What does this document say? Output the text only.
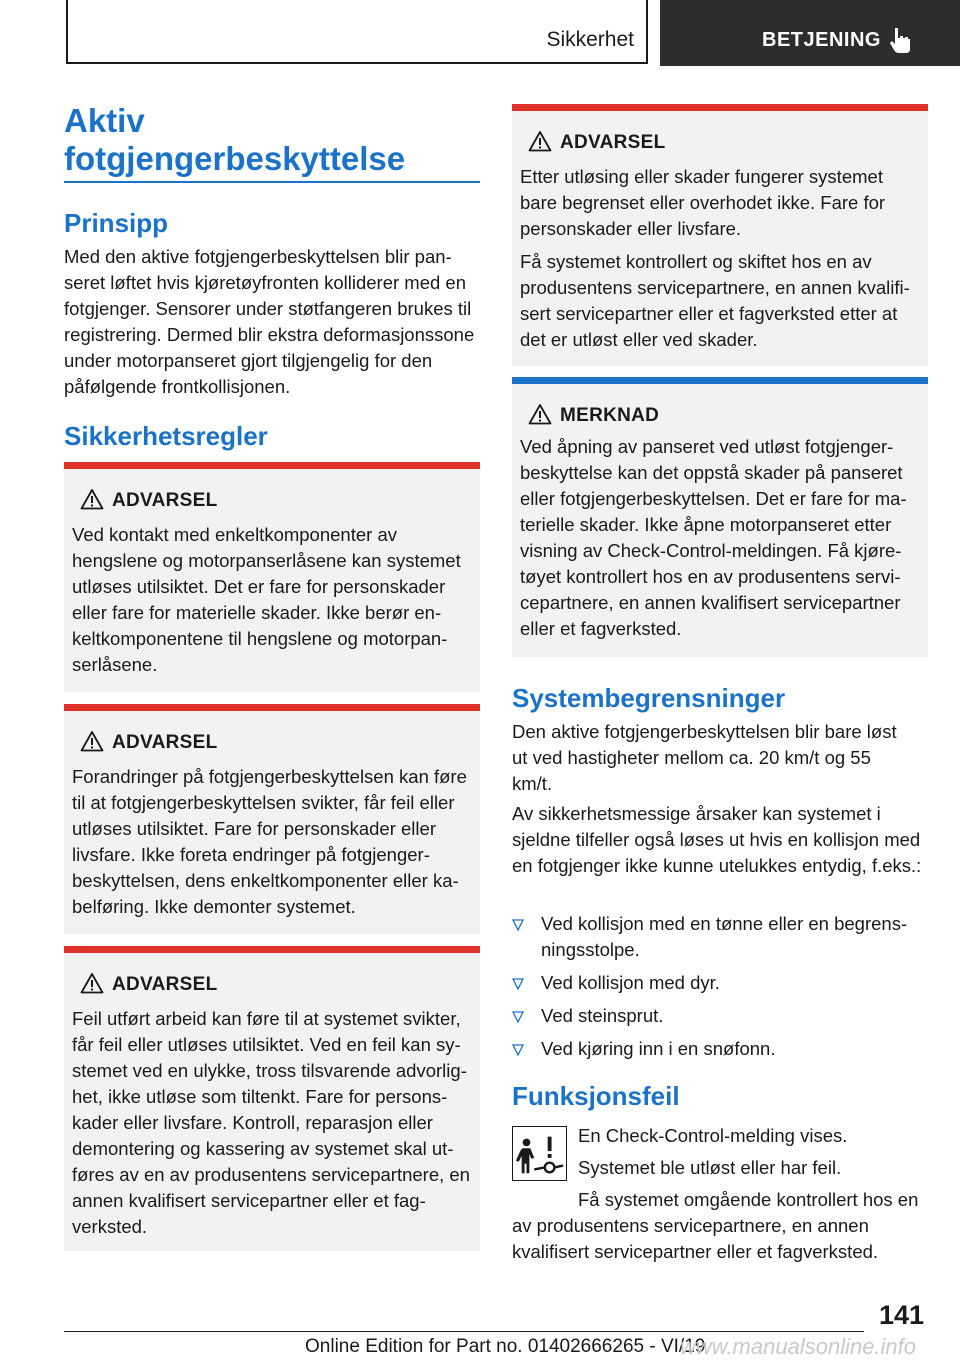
Sikkerhet	BETJENING
Aktiv
fotgjengerbeskyttelse
Prinsipp

Med den aktive fotgjengerbeskyttelsen blir panseret løftet hvis kjøretøyfronten kolliderer med en fotgjenger. Sensorer under støtfangeren brukes til registrering. Dermed blir ekstra deformasjonssone under motorpanseret gjort tilgjengelig for den påfølgende frontkollisjonen.

Sikkerhetsregler
ADVARSEL

Ved kontakt med enkeltkomponenter av hengslene og motorpanserlåsene kan systemet utløses utilsiktet. Det er fare for personskader eller fare for materielle skader. Ikke berør enkeltkomponentene til hengslene og motorpanserlåsene.

ADVARSEL

Forandringer på fotgjengerbeskyttelsen kan føre til at fotgjengerbeskyttelsen svikter, får feil eller utløses utilsiktet. Fare for personskader eller livsfare. Ikke foreta endringer på fotgjengerbeskyttelsen, dens enkeltkomponenter eller kabelføring. Ikke demonter systemet.

ADVARSEL

Feil utført arbeid kan føre til at systemet svikter, får feil eller utløses utilsiktet. Ved en feil kan systemet ved en ulykke, tross tilsvarende advorlighet, ikke utløse som tiltenkt. Fare for personskader eller livsfare. Kontroll, reparasjon eller demontering og kassering av systemet skal utføres av en av produsentens servicepartnere, en annen kvalifisert servicepartner eller et fagverksted.

ADVARSEL

Etter utløsing eller skader fungerer systemet bare begrenset eller overhodet ikke. Fare for personskader eller livsfare.

Få systemet kontrollert og skiftet hos en av produsentens servicepartnere, en annen kvalifisert servicepartner eller et fagverksted etter at det er utløst eller ved skader.

MERKNAD

Ved åpning av panseret ved utløst fotgjengerbeskyttelse kan det oppstå skader på panseret eller fotgjengerbeskyttelsen. Det er fare for materielle skader. Ikke åpne motorpanseret etter visning av Check-Control-meldingen. Få kjøretøyet kontrollert hos en av produsentens servicepartnere, en annen kvalifisert servicepartner eller et fagverksted.

Systembegrensninger

Den aktive fotgjengerbeskyttelsen blir bare løst ut ved hastigheter mellom ca. 20 km/t og 55 km/t.

Av sikkerhetsmessige årsaker kan systemet i sjeldne tilfeller også løses ut hvis en kollisjon med en fotgjenger ikke kunne utelukkes entydig, f.eks.:

Ved kollisjon med en tønne eller en begrensningsstolpe.
Ved kollisjon med dyr.
Ved steinsprut.
Ved kjøring inn i en snøfonn.
Funksjonsfeil

En Check-Control-melding vises.

Systemet ble utløst eller har feil.

Få systemet omgående kontrollert hos en av produsentens servicepartnere, en annen kvalifisert servicepartner eller et fagverksted.

141
Online Edition for Part no. 01402666265 - VI/19
www.manualsonline.info
